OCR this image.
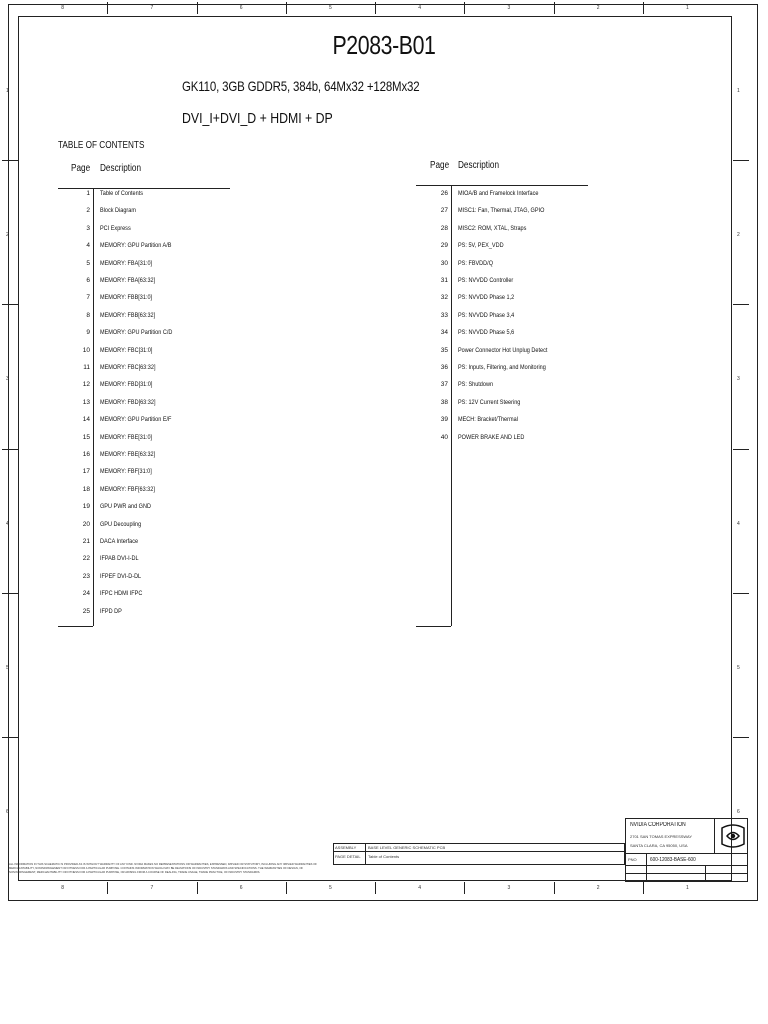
8	7	6	5	4	3	2	1
8	7	6	5	4	3	2	1
1
2
3
4
5
6
1
2
3
4
5
6
P2083-B01
GK110, 3GB GDDR5, 384b, 64Mx32 +128Mx32
DVI_I+DVI_D + HDMI + DP
TABLE OF CONTENTS
Page Description	Page Description
1 Table of Contents
2 Block Diagram
3 PCI Express
4 MEMORY: GPU Partition A/B
5 MEMORY: FBA[31:0]
6 MEMORY: FBA[63:32]
7 MEMORY: FBB[31:0]
8 MEMORY: FBB[63:32]
9 MEMORY: GPU Partition C/D
10 MEMORY: FBC[31:0]
11 MEMORY: FBC[63:32]
12 MEMORY: FBD[31:0]
13 MEMORY: FBD[63:32]
14 MEMORY: GPU Partition E/F
15 MEMORY: FBE[31:0]
16 MEMORY: FBE[63:32]
17 MEMORY: FBF[31:0]
18 MEMORY: FBF[63:32]
19 GPU PWR and GND
20 GPU Decoupling
21 DACA Interface
22 IFPAB DVI-I-DL
23 IFPEF DVI-D-DL
24 IFPC HDMI IFPC
25 IFPD DP
26 MIOA/B and Framelock Interface
27 MISC1: Fan, Thermal, JTAG, GPIO
28 MISC2: ROM, XTAL, Straps
29 PS: 5V, PEX_VDD
30 PS: FBVDD/Q
31 PS: NVVDD Controller
32 PS: NVVDD Phase 1,2
33 PS: NVVDD Phase 3,4
34 PS: NVVDD Phase 5,6
35 Power Connector Hot Unplug Detect
36 PS: Inputs, Filtering, and Monitoring
37 PS: Shutdown
38 PS: 12V Current Steering
39 MECH: Bracket/Thermal
40 POWER BRAKE AND LED
ASSEMBLY
PAGE DETAIL
BASE LEVEL GENERIC SCHEMATIC PCB
Table of Contents
NVIDIA CORPORATION
2701 SAN TOMAS EXPRESSWAY
SANTA CLARA, CA 95050, USA
PNO 600-12083-BASE-600
ALL INFORMATION IN THIS SCHEMATIC IS PROVIDED AS IS WITHOUT WARRANTY OF ANY KIND. NVIDIA MAKES NO REPRESENTATIONS OR WARRANTIES, EXPRESSED, IMPLIED OR STATUTORY, INCLUDING ANY IMPLIED WARRANTIES OF MERCHANTABILITY, NONINFRINGEMENT OR FITNESS FOR A PARTICULAR PURPOSE. CONTAINS INFORMATION WHICH MAY BE DEVIATIONS OF INDUSTRY STANDARDS AND SPECIFICATIONS. THE WARRANTIES OF DESIGN, OF NONINFRINGEMENT, MERCHANTABILITY OR FITNESS FOR A PARTICULAR PURPOSE, OR ARISING FROM A COURSE OF DEALING, TRADE USAGE, TRADE PRACTICE, OF INDUSTRY STANDARDS.
